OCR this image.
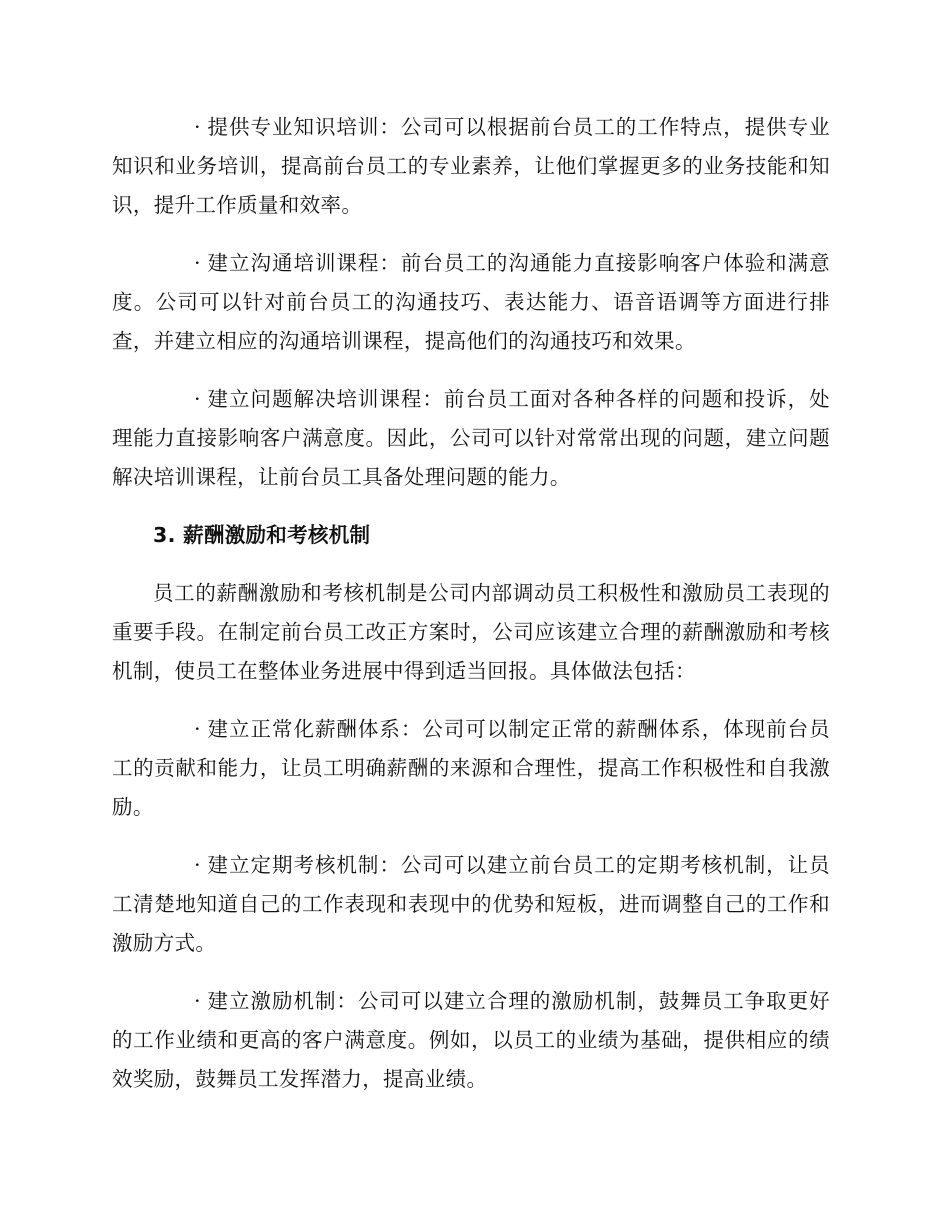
· 提供专业知识培训：公司可以根据前台员工的工作特点，提供专业知识和业务培训，提高前台员工的专业素养，让他们掌握更多的业务技能和知识，提升工作质量和效率。

· 建立沟通培训课程：前台员工的沟通能力直接影响客户体验和满意度。公司可以针对前台员工的沟通技巧、表达能力、语音语调等方面进行排查，并建立相应的沟通培训课程，提高他们的沟通技巧和效果。

· 建立问题解决培训课程：前台员工面对各种各样的问题和投诉，处理能力直接影响客户满意度。因此，公司可以针对常常出现的问题，建立问题解决培训课程，让前台员工具备处理问题的能力。

3. 薪酬激励和考核机制

员工的薪酬激励和考核机制是公司内部调动员工积极性和激励员工表现的重要手段。在制定前台员工改正方案时，公司应该建立合理的薪酬激励和考核机制，使员工在整体业务进展中得到适当回报。具体做法包括：

· 建立正常化薪酬体系：公司可以制定正常的薪酬体系，体现前台员工的贡献和能力，让员工明确薪酬的来源和合理性，提高工作积极性和自我激励。

· 建立定期考核机制：公司可以建立前台员工的定期考核机制，让员工清楚地知道自己的工作表现和表现中的优势和短板，进而调整自己的工作和激励方式。

· 建立激励机制：公司可以建立合理的激励机制，鼓舞员工争取更好的工作业绩和更高的客户满意度。例如，以员工的业绩为基础，提供相应的绩效奖励，鼓舞员工发挥潜力，提高业绩。
